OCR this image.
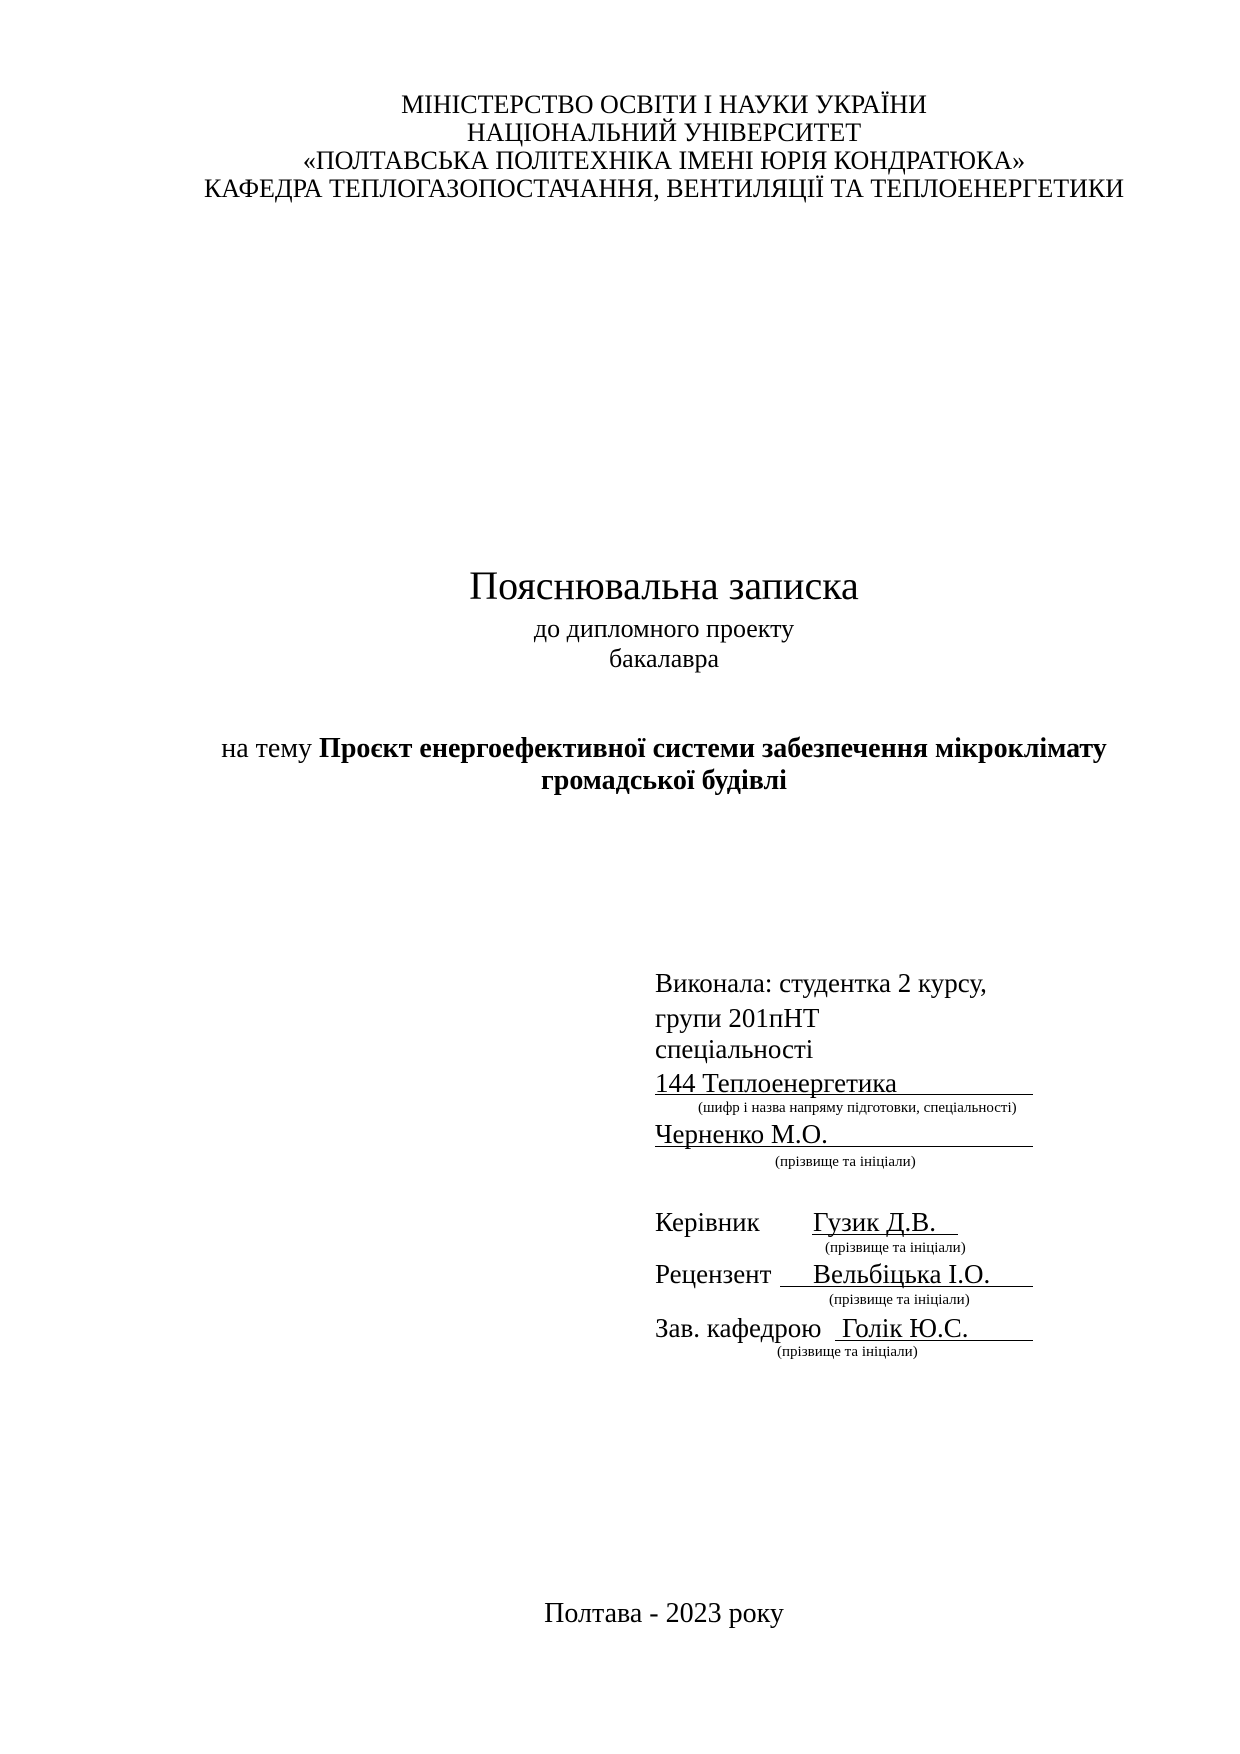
МІНІСТЕРСТВО ОСВІТИ І НАУКИ УКРАЇНИ
НАЦІОНАЛЬНИЙ УНІВЕРСИТЕТ
«ПОЛТАВСЬКА ПОЛІТЕХНІКА ІМЕНІ ЮРІЯ КОНДРАТЮКА»
КАФЕДРА ТЕПЛОГАЗОПОСТАЧАННЯ, ВЕНТИЛЯЦІЇ ТА ТЕПЛОЕНЕРГЕТИКИ
Пояснювальна записка
до дипломного проекту
бакалавра
на тему Проєкт енергоефективної системи забезпечення мікроклімату
громадської будівлі
Виконала: студентка 2 курсу,
групи 201пНТ
спеціальності
144 Теплоенергетика
(шифр і назва напряму підготовки, спеціальності)
Черненко М.О.
(прізвище та ініціали)
Керівник Гузик Д.В.
(прізвище та ініціали)
Рецензент Вельбіцька І.О.
(прізвище та ініціали)
Зав. кафедрою Голік Ю.С.
(прізвище та ініціали)
Полтава - 2023 року
